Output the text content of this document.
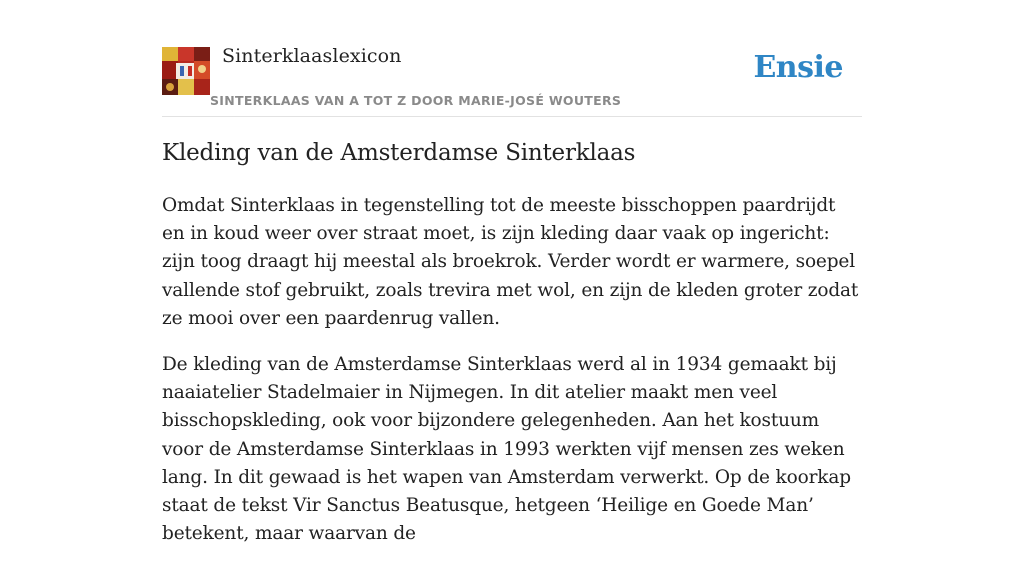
Sinterklaaslexicon
SINTERKLAAS VAN A TOT Z DOOR MARIE-JOSÉ WOUTERS
Ensie
Kleding van de Amsterdamse Sinterklaas

Omdat Sinterklaas in tegenstelling tot de meeste bisschoppen paardrijdt en in koud weer over straat moet, is zijn kleding daar vaak op ingericht: zijn toog draagt hij meestal als broekrok. Verder wordt er warmere, soepel vallende stof gebruikt, zoals trevira met wol, en zijn de kleden groter zodat ze mooi over een paardenrug vallen.

De kleding van de Amsterdamse Sinterklaas werd al in 1934 gemaakt bij naaiatelier Stadelmaier in Nijmegen. In dit atelier maakt men veel bisschopskleding, ook voor bijzondere gelegenheden. Aan het kostuum voor de Amsterdamse Sinterklaas in 1993 werkten vijf mensen zes weken lang. In dit gewaad is het wapen van Amsterdam verwerkt. Op de koorkap staat de tekst Vir Sanctus Beatusque, hetgeen ‘Heilige en Goede Man’ betekent, maar waarvan de
